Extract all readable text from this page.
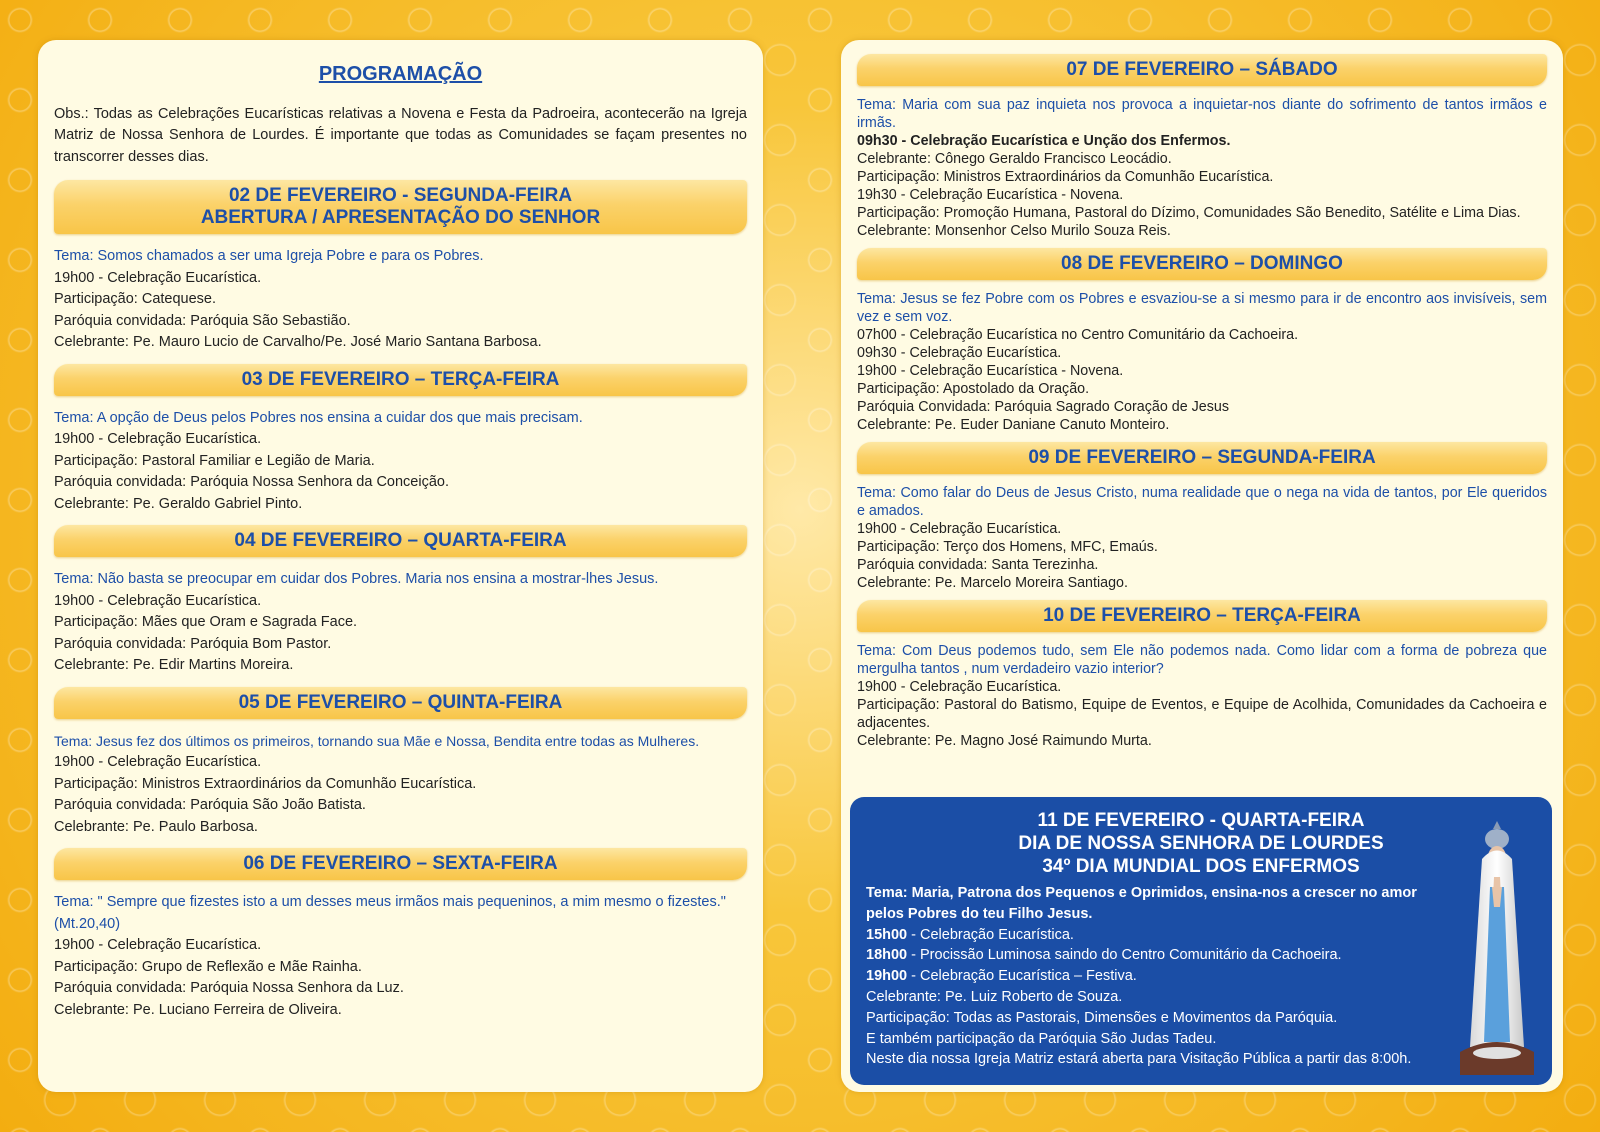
PROGRAMAÇÃO
Obs.: Todas as Celebrações Eucarísticas relativas a Novena e Festa da Padroeira, acontecerão na Igreja Matriz de Nossa Senhora de Lourdes. É importante que todas as Comunidades se façam presentes no transcorrer desses dias.
02 DE FEVEREIRO - SEGUNDA-FEIRA
ABERTURA / APRESENTAÇÃO DO SENHOR
Tema: Somos chamados a ser uma Igreja Pobre e para os Pobres.
19h00 - Celebração Eucarística.
Participação: Catequese.
Paróquia convidada: Paróquia São Sebastião.
Celebrante: Pe. Mauro Lucio de Carvalho/Pe. José Mario Santana Barbosa.
03 DE FEVEREIRO – TERÇA-FEIRA
Tema: A opção de Deus pelos Pobres nos ensina a cuidar dos que mais precisam.
19h00 - Celebração Eucarística.
Participação: Pastoral Familiar e Legião de Maria.
Paróquia convidada: Paróquia Nossa Senhora da Conceição.
Celebrante: Pe. Geraldo Gabriel Pinto.
04 DE FEVEREIRO – QUARTA-FEIRA
Tema: Não basta se preocupar em cuidar dos Pobres. Maria nos ensina a mostrar-lhes Jesus.
19h00 - Celebração Eucarística.
Participação: Mães que Oram e Sagrada Face.
Paróquia convidada: Paróquia Bom Pastor.
Celebrante: Pe. Edir Martins Moreira.
05 DE FEVEREIRO – QUINTA-FEIRA
Tema: Jesus fez dos últimos os primeiros, tornando sua Mãe e Nossa, Bendita entre todas as Mulheres.
19h00 - Celebração Eucarística.
Participação: Ministros Extraordinários da Comunhão Eucarística.
Paróquia convidada: Paróquia São João Batista.
Celebrante: Pe. Paulo Barbosa.
06 DE FEVEREIRO – SEXTA-FEIRA
Tema: " Sempre que fizestes isto a um desses meus irmãos mais pequeninos, a mim mesmo o fizestes." (Mt.20,40)
19h00 - Celebração Eucarística.
Participação: Grupo de Reflexão e Mãe Rainha.
Paróquia convidada: Paróquia Nossa Senhora da Luz.
Celebrante: Pe. Luciano Ferreira de Oliveira.
07 DE FEVEREIRO – SÁBADO
Tema: Maria com sua paz inquieta nos provoca a inquietar-nos diante do sofrimento de tantos irmãos e irmãs.
09h30 - Celebração Eucarística e Unção dos Enfermos.
Celebrante: Cônego Geraldo Francisco Leocádio.
Participação: Ministros Extraordinários da Comunhão Eucarística.
19h30 - Celebração Eucarística - Novena.
Participação: Promoção Humana, Pastoral do Dízimo, Comunidades São Benedito, Satélite e Lima Dias.
Celebrante: Monsenhor Celso Murilo Souza Reis.
08 DE FEVEREIRO – DOMINGO
Tema: Jesus se fez Pobre com os Pobres e esvaziou-se a si mesmo para ir de encontro aos invisíveis, sem vez e sem voz.
07h00 - Celebração Eucarística no Centro Comunitário da Cachoeira.
09h30 - Celebração Eucarística.
19h00 - Celebração Eucarística - Novena.
Participação: Apostolado da Oração.
Paróquia Convidada: Paróquia Sagrado Coração de Jesus
Celebrante: Pe. Euder Daniane Canuto Monteiro.
09 DE FEVEREIRO – SEGUNDA-FEIRA
Tema: Como falar do Deus de Jesus Cristo, numa realidade que o nega na vida de tantos, por Ele queridos e amados.
19h00 - Celebração Eucarística.
Participação: Terço dos Homens, MFC, Emaús.
Paróquia convidada: Santa Terezinha.
Celebrante: Pe. Marcelo Moreira Santiago.
10 DE FEVEREIRO – TERÇA-FEIRA
Tema: Com Deus podemos tudo, sem Ele não podemos nada. Como lidar com a forma de pobreza que mergulha tantos , num verdadeiro vazio interior?
19h00 - Celebração Eucarística.
Participação: Pastoral do Batismo, Equipe de Eventos, e Equipe de Acolhida, Comunidades da Cachoeira e adjacentes.
Celebrante: Pe. Magno José Raimundo Murta.
11 DE FEVEREIRO - QUARTA-FEIRA
DIA DE NOSSA SENHORA DE LOURDES
34º DIA MUNDIAL DOS ENFERMOS
Tema: Maria, Patrona dos Pequenos e Oprimidos, ensina-nos a crescer no amor pelos Pobres do teu Filho Jesus.
15h00 - Celebração Eucarística.
18h00 - Procissão Luminosa saindo do Centro Comunitário da Cachoeira.
19h00 - Celebração Eucarística – Festiva.
Celebrante: Pe. Luiz Roberto de Souza.
Participação: Todas as Pastorais, Dimensões e Movimentos da Paróquia.
E também participação da Paróquia São Judas Tadeu.
Neste dia nossa Igreja Matriz estará aberta para Visitação Pública a partir das 8:00h.
